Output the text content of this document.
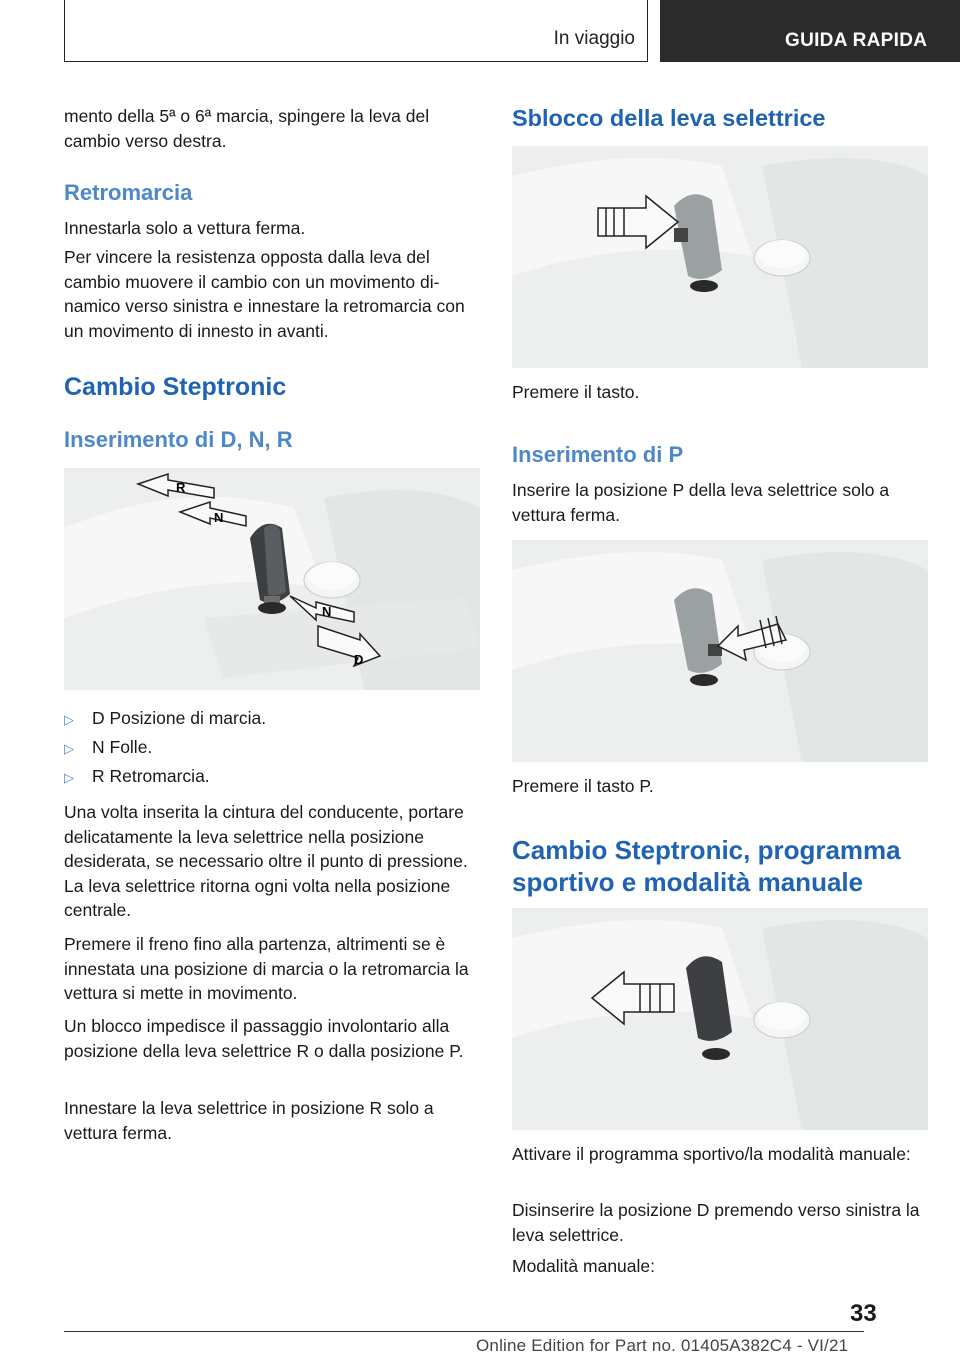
In viaggio	GUIDA RAPIDA

mento della 5ª o 6ª marcia, spingere la leva del cambio verso destra.

Retromarcia

Innestarla solo a vettura ferma.

Per vincere la resistenza opposta dalla leva del cambio muovere il cambio con un movimento dinamico verso sinistra e innestare la retromarcia con un movimento di innesto in avanti.

Cambio Steptronic
Inserimento di D, N, R
R
N
N
D
▷ D Posizione di marcia.
▷ N Folle.
▷ R Retromarcia.

Una volta inserita la cintura del conducente, portare delicatamente la leva selettrice nella posizione desiderata, se necessario oltre il punto di pressione. La leva selettrice ritorna ogni volta nella posizione centrale.

Premere il freno fino alla partenza, altrimenti se è innestata una posizione di marcia o la retromarcia la vettura si mette in movimento.

Un blocco impedisce il passaggio involontario alla posizione della leva selettrice R o dalla posizione P.

Innestare la leva selettrice in posizione R solo a vettura ferma.

Sblocco della leva selettrice

Premere il tasto.

Inserimento di P

Inserire la posizione P della leva selettrice solo a vettura ferma.

Premere il tasto P.

Cambio Steptronic, programma sportivo e modalità manuale

Attivare il programma sportivo/la modalità manuale:

Disinserire la posizione D premendo verso sinistra la leva selettrice.

Modalità manuale:

33
Online Edition for Part no. 01405A382C4 - VI/21
